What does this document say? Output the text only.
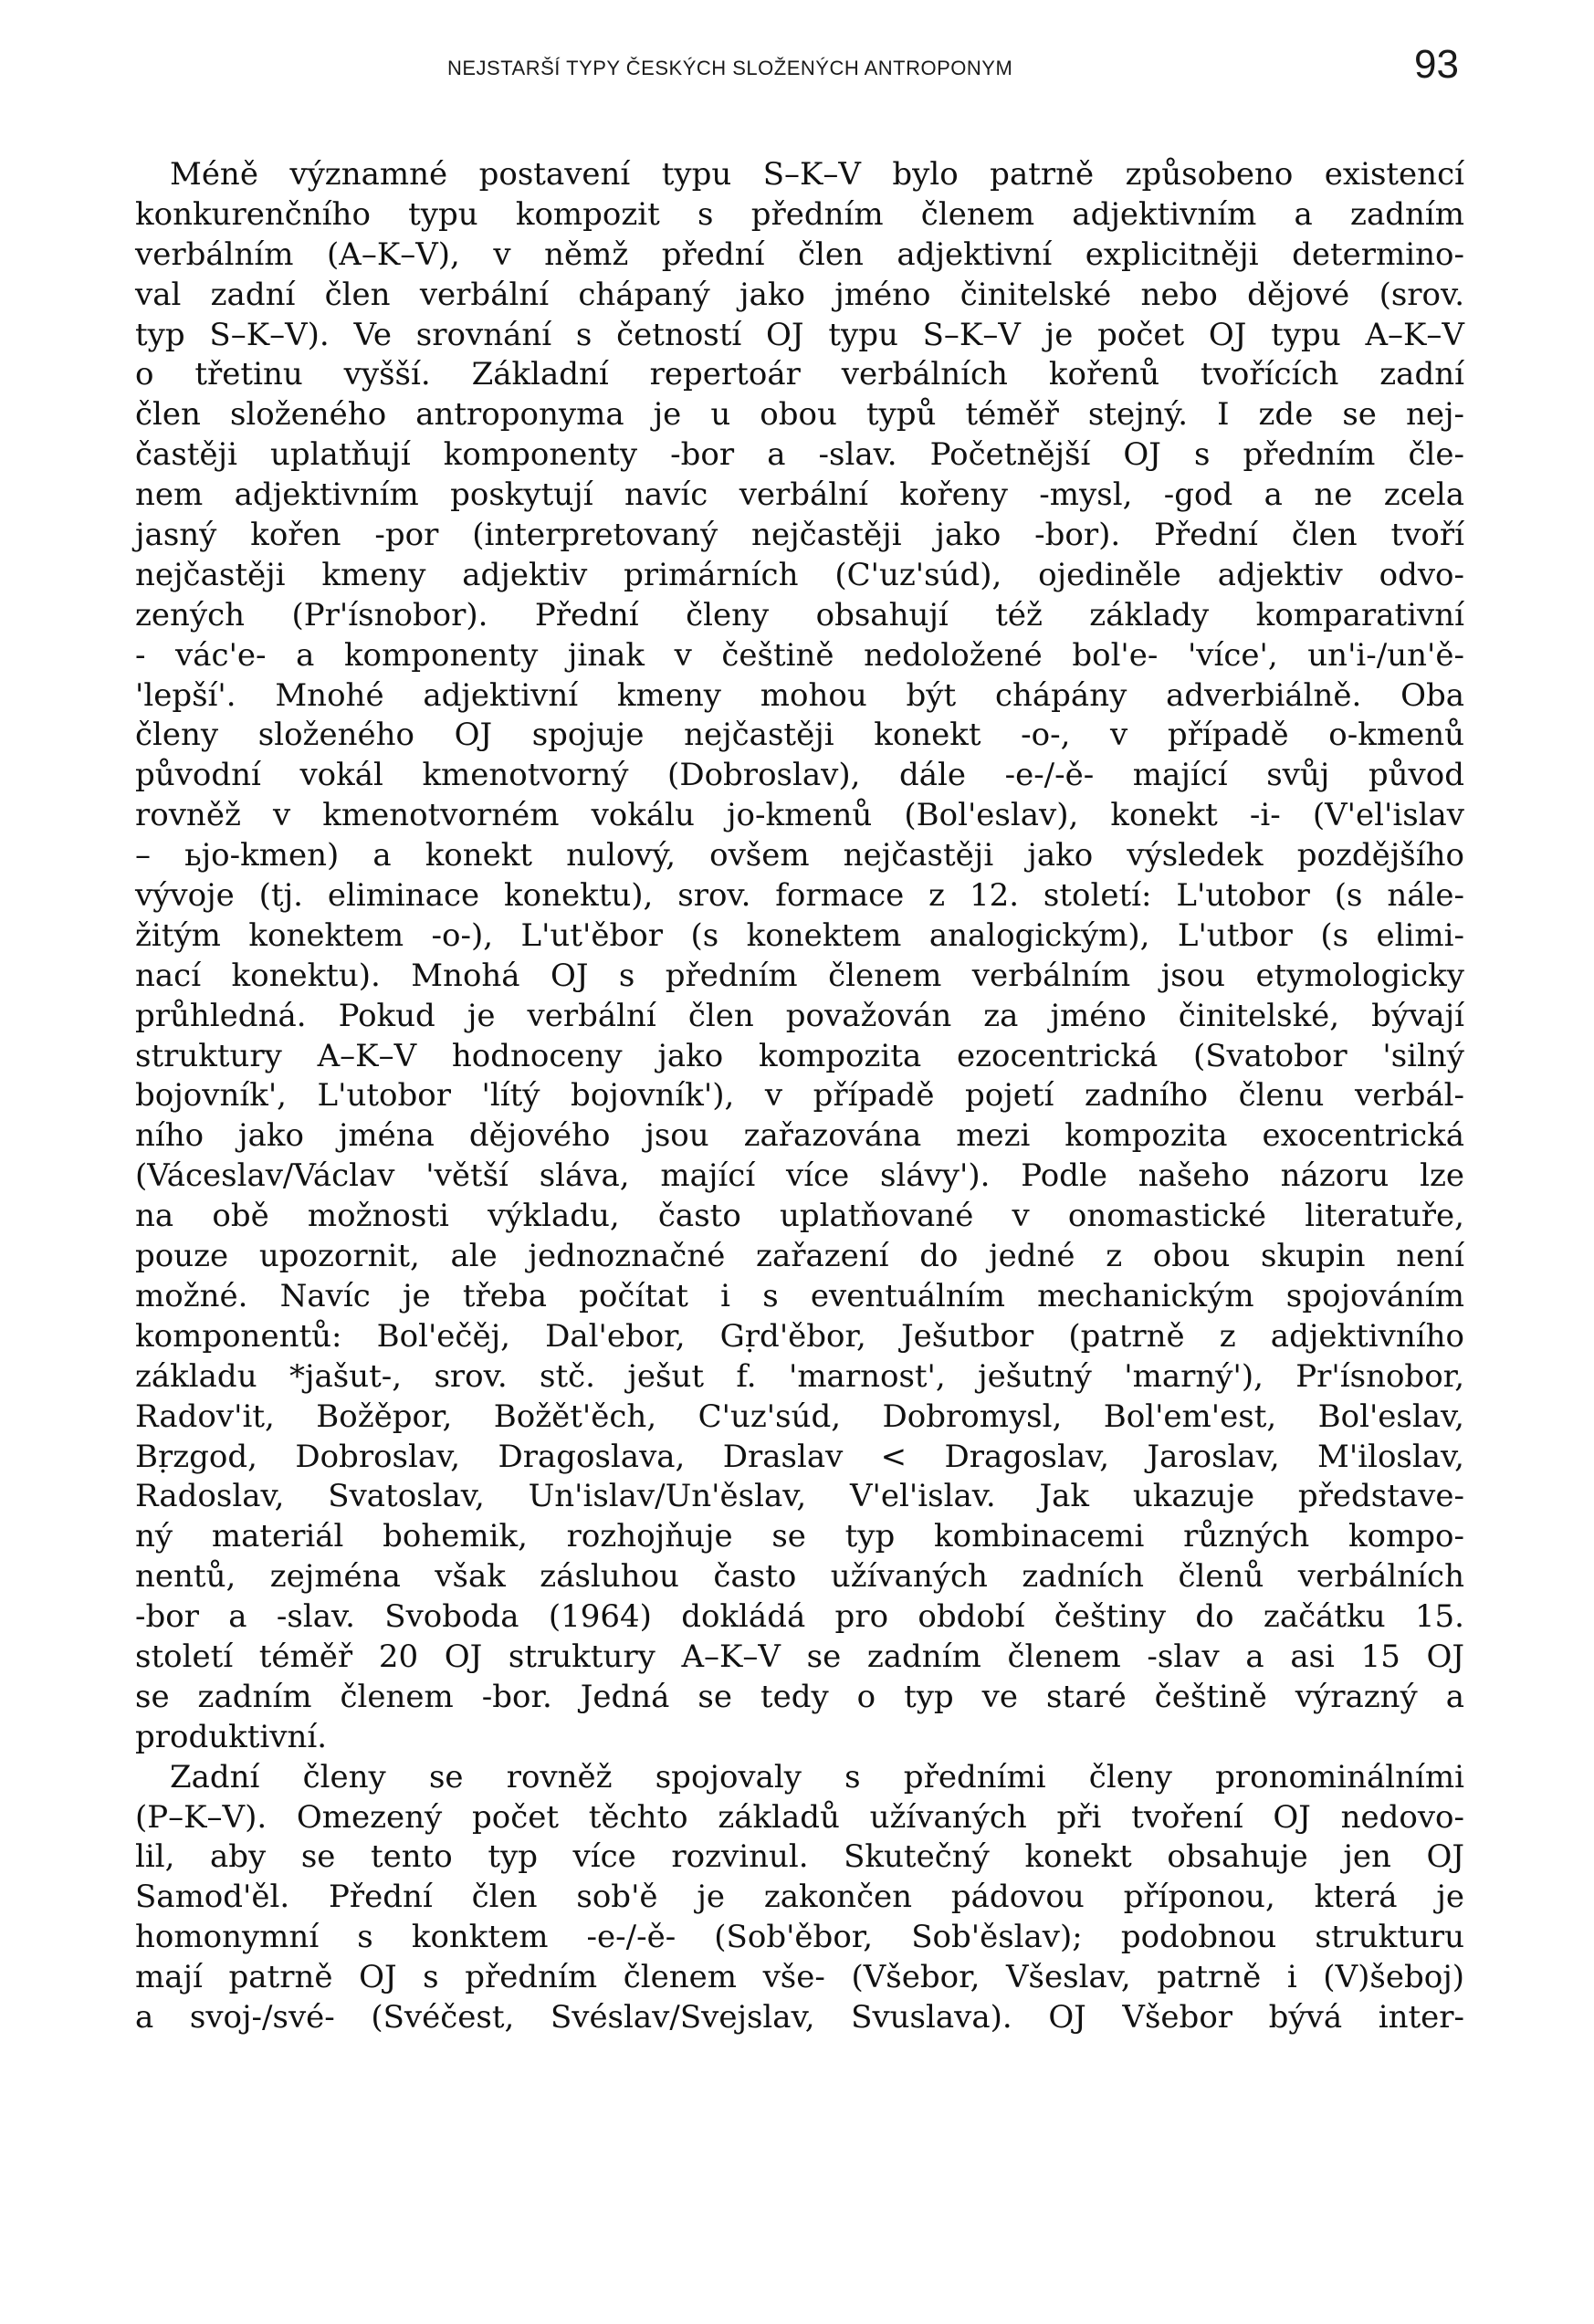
NEJSTARŠÍ TYPY ČESKÝCH SLOŽENÝCH ANTROPONYM	93
Méně významné postavení typu S–K–V bylo patrně způsobeno existencí
konkurenčního typu kompozit s předním členem adjektivním a zadním
verbálním (A–K–V), v němž přední člen adjektivní explicitněji determino-
val zadní člen verbální chápaný jako jméno činitelské nebo dějové (srov.
typ S–K–V). Ve srovnání s četností OJ typu S–K–V je počet OJ typu A–K–V
o třetinu vyšší. Základní repertoár verbálních kořenů tvořících zadní
člen složeného antroponyma je u obou typů téměř stejný. I zde se nej-
častěji uplatňují komponenty -bor a -slav. Početnější OJ s předním čle-
nem adjektivním poskytují navíc verbální kořeny -mysl, -god a ne zcela
jasný kořen -por (interpretovaný nejčastěji jako -bor). Přední člen tvoří
nejčastěji kmeny adjektiv primárních (C'uz'súd), ojediněle adjektiv odvo-
zených (Pr'ísnobor). Přední členy obsahují též základy komparativní
- vác'e- a komponenty jinak v češtině nedoložené bol'e- 'více', un'i-/un'ě-
'lepší'. Mnohé adjektivní kmeny mohou být chápány adverbiálně. Oba
členy složeného OJ spojuje nejčastěji konekt -o-, v případě o-kmenů
původní vokál kmenotvorný (Dobroslav), dále -e-/-ě- mající svůj původ
rovněž v kmenotvorném vokálu jo-kmenů (Bol'eslav), konekt -i- (V'el'islav
– ьjo-kmen) a konekt nulový, ovšem nejčastěji jako výsledek pozdějšího
vývoje (tj. eliminace konektu), srov. formace z 12. století: L'utobor (s nále-
žitým konektem -o-), L'ut'ěbor (s konektem analogickým), L'utbor (s elimi-
nací konektu). Mnohá OJ s předním členem verbálním jsou etymologicky
průhledná. Pokud je verbální člen považován za jméno činitelské, bývají
struktury A–K–V hodnoceny jako kompozita ezocentrická (Svatobor 'silný
bojovník', L'utobor 'lítý bojovník'), v případě pojetí zadního členu verbál-
ního jako jména dějového jsou zařazována mezi kompozita exocentrická
(Váceslav/Václav 'větší sláva, mající více slávy'). Podle našeho názoru lze
na obě možnosti výkladu, často uplatňované v onomastické literatuře,
pouze upozornit, ale jednoznačné zařazení do jedné z obou skupin není
možné. Navíc je třeba počítat i s eventuálním mechanickým spojováním
komponentů: Bol'ečěj, Dal'ebor, Gṛd'ěbor, Ješutbor (patrně z adjektivního
základu *jašut-, srov. stč. ješut f. 'marnost', ješutný 'marný'), Pr'ísnobor,
Radov'it, Božěpor, Božět'ěch, C'uz'súd, Dobromysl, Bol'em'est, Bol'eslav,
Bṛzgod, Dobroslav, Dragoslava, Draslav < Dragoslav, Jaroslav, M'iloslav,
Radoslav, Svatoslav, Un'islav/Un'ěslav, V'el'islav. Jak ukazuje představe-
ný materiál bohemik, rozhojňuje se typ kombinacemi různých kompo-
nentů, zejména však zásluhou často užívaných zadních členů verbálních
-bor a -slav. Svoboda (1964) dokládá pro období češtiny do začátku 15.
století téměř 20 OJ struktury A–K–V se zadním členem -slav a asi 15 OJ
se zadním členem -bor. Jedná se tedy o typ ve staré češtině výrazný a
produktivní.
Zadní členy se rovněž spojovaly s předními členy pronominálními
(P–K–V). Omezený počet těchto základů užívaných při tvoření OJ nedovo-
lil, aby se tento typ více rozvinul. Skutečný konekt obsahuje jen OJ
Samod'ěl. Přední člen sob'ě je zakončen pádovou příponou, která je
homonymní s konktem -e-/-ě- (Sob'ěbor, Sob'ěslav); podobnou strukturu
mají patrně OJ s předním členem vše- (Všebor, Všeslav, patrně i (V)šeboj)
a svoj-/své- (Svéčest, Svéslav/Svejslav, Svuslava). OJ Všebor bývá inter-
